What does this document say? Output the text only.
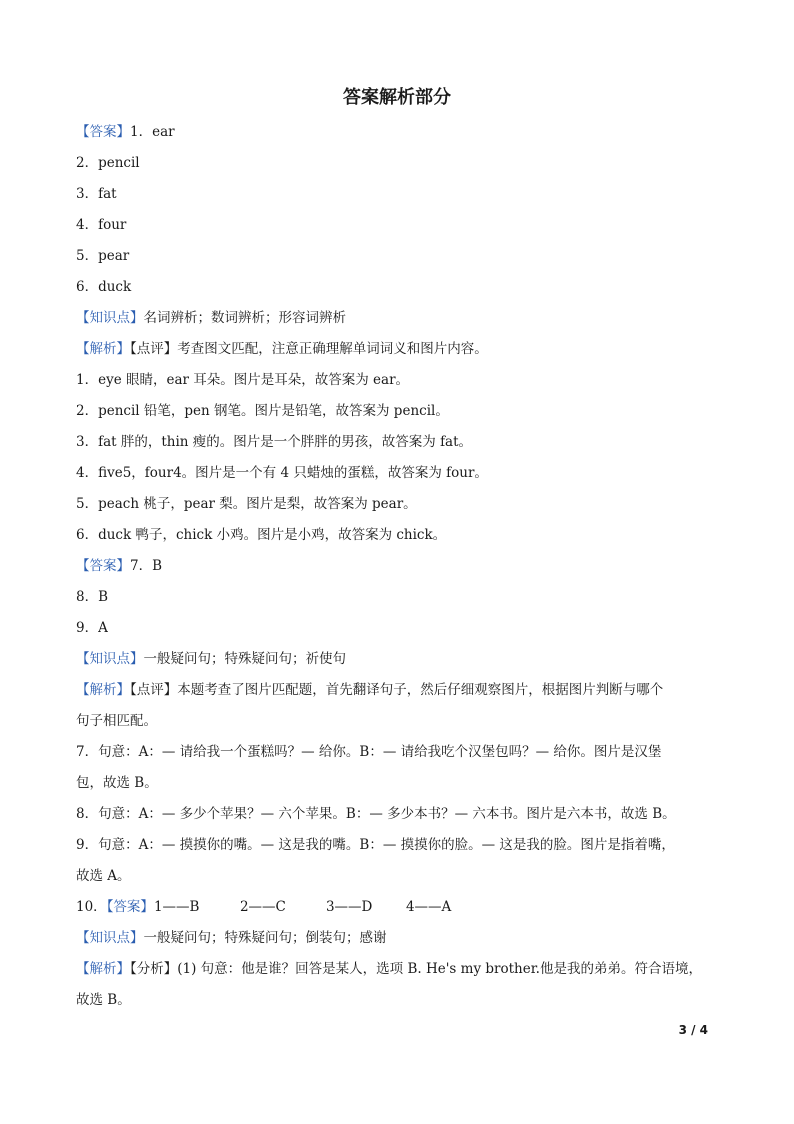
答案解析部分
【答案】1．ear
2．pencil
3．fat
4．four
5．pear
6．duck
【知识点】名词辨析；数词辨析；形容词辨析
【解析】【点评】考查图文匹配，注意正确理解单词词义和图片内容。
1．eye 眼睛，ear 耳朵。图片是耳朵，故答案为 ear。
2．pencil 铅笔，pen 钢笔。图片是铅笔，故答案为 pencil。
3．fat 胖的，thin 瘦的。图片是一个胖胖的男孩，故答案为 fat。
4．five5，four4。图片是一个有 4 只蜡烛的蛋糕，故答案为 four。
5．peach 桃子，pear 梨。图片是梨，故答案为 pear。
6．duck 鸭子，chick 小鸡。图片是小鸡，故答案为 chick。
【答案】7．B
8．B
9．A
【知识点】一般疑问句；特殊疑问句；祈使句
【解析】【点评】本题考查了图片匹配题，首先翻译句子，然后仔细观察图片，根据图片判断与哪个
句子相匹配。
7．句意：A：— 请给我一个蛋糕吗？— 给你。B：— 请给我吃个汉堡包吗？— 给你。图片是汉堡
包，故选 B。
8．句意：A：— 多少个苹果？— 六个苹果。B：— 多少本书？— 六本书。图片是六本书，故选 B。
9．句意：A：— 摸摸你的嘴。— 这是我的嘴。B：— 摸摸你的脸。— 这是我的脸。图片是指着嘴，
故选 A。
10．【答案】1——B	2——C	3——D 4——A
【知识点】一般疑问句；特殊疑问句；倒装句；感谢
【解析】【分析】(1) 句意：他是谁？回答是某人，选项 B. He's my brother.他是我的弟弟。符合语境，
故选 B。
3 / 4
